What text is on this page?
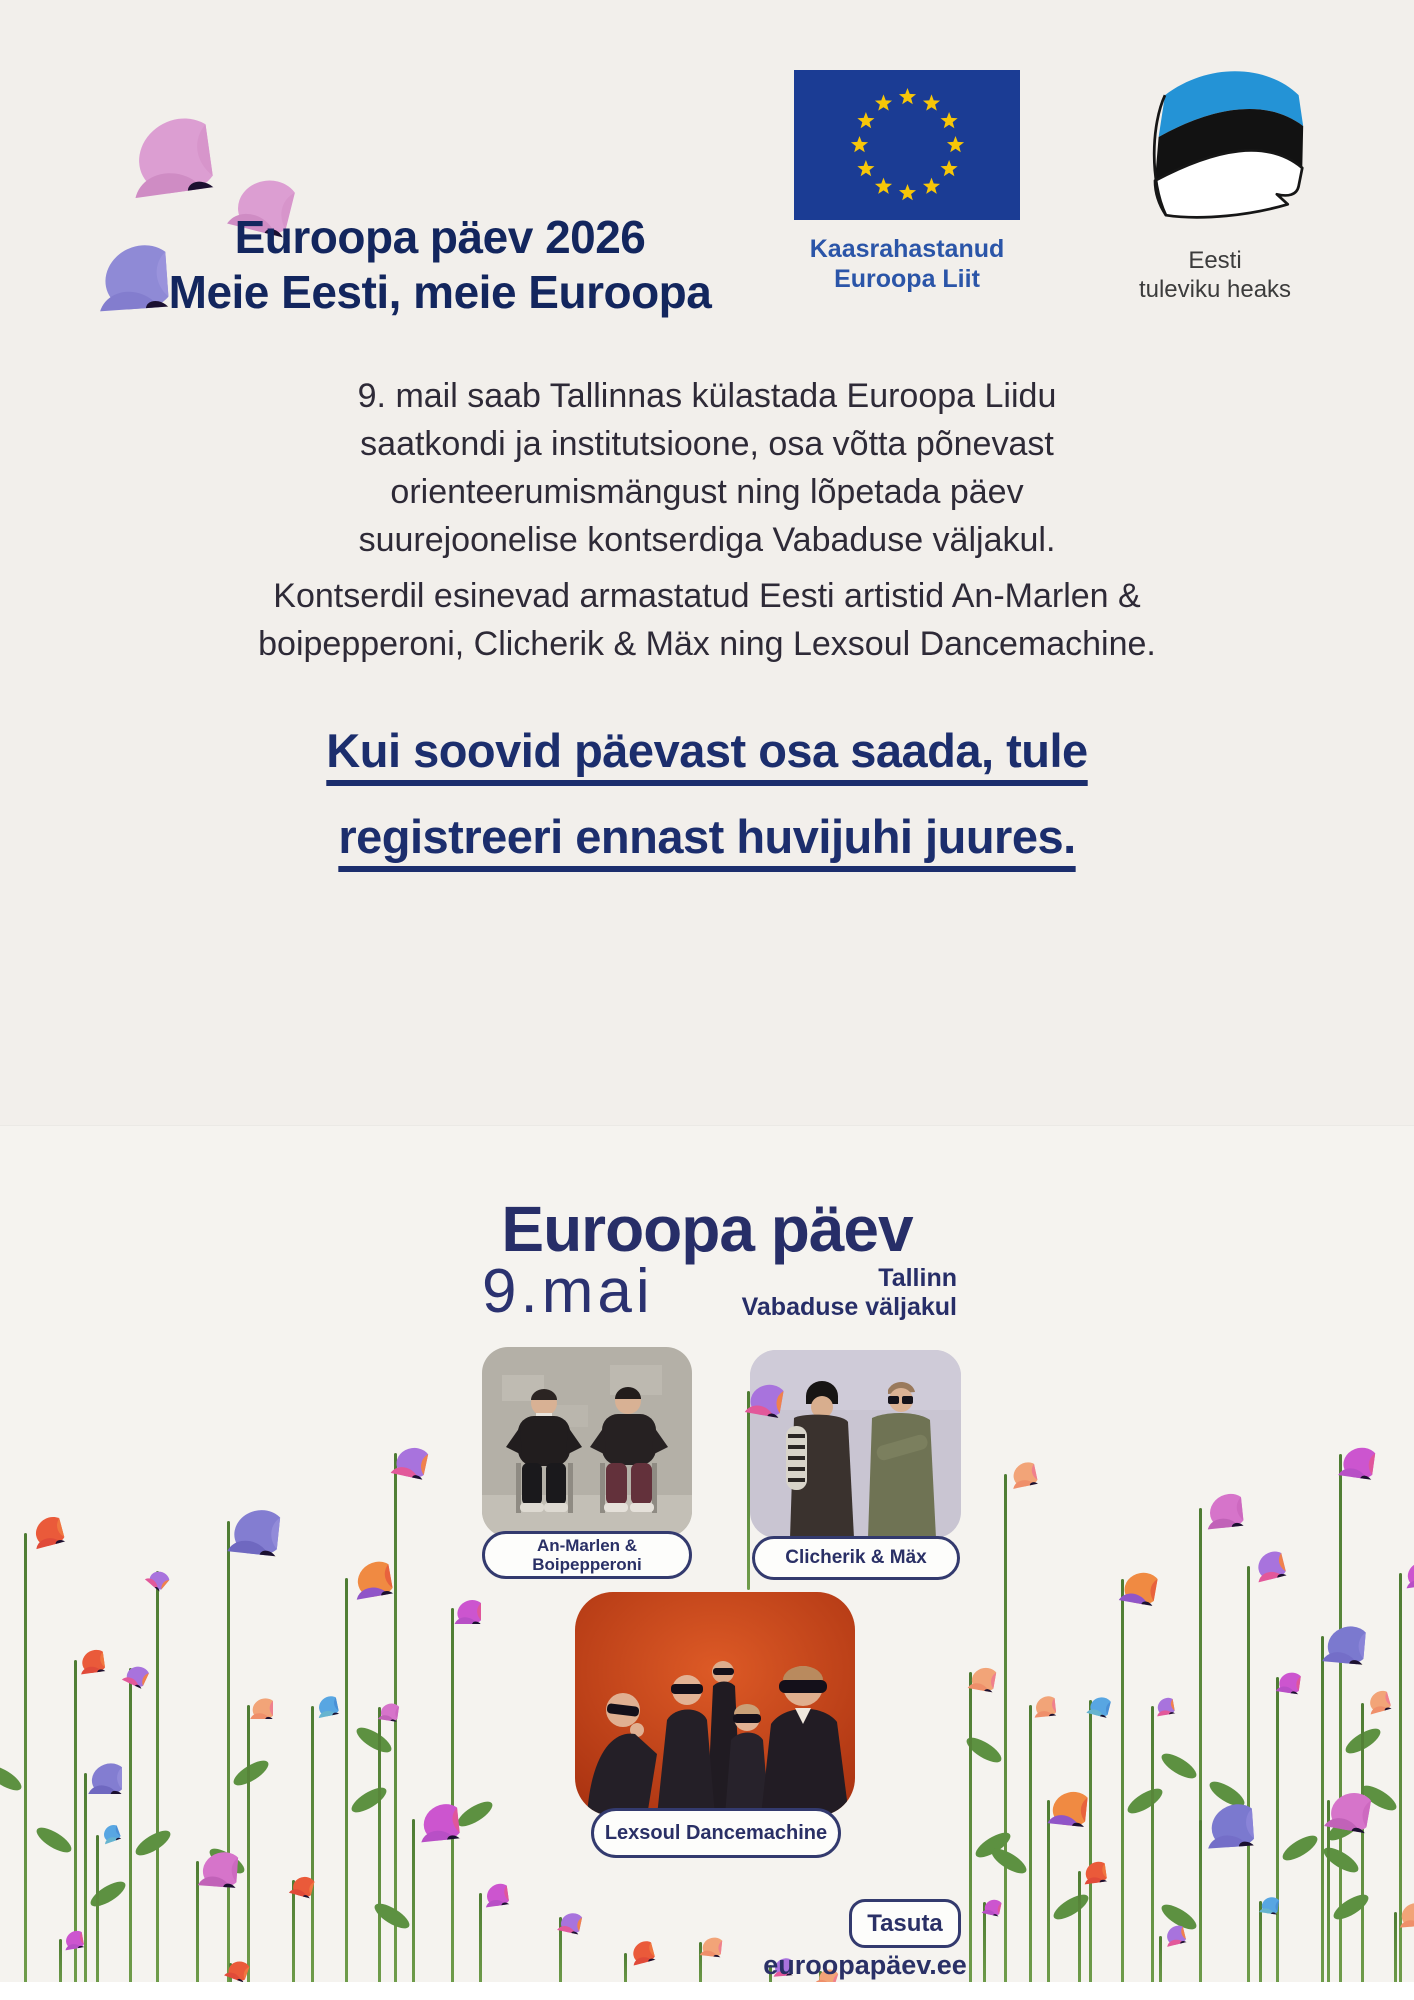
Euroopa päev 2026
Meie Eesti, meie Euroopa
Kaasrahastanud
Euroopa Liit
Eesti
tuleviku heaks
9. mail saab Tallinnas külastada Euroopa Liidu
saatkondi ja institutsioone, osa võtta põnevast
orienteerumismängust ning lõpetada päev
suurejoonelise kontserdiga Vabaduse väljakul.
Kontserdil esinevad armastatud Eesti artistid An-Marlen &
boipepperoni, Clicherik & Mäx ning Lexsoul Dancemachine.
Kui soovid päevast osa saada, tule
registreeri ennast huvijuhi juures.
Euroopa päev
9.mai	Tallinn
Vabaduse väljakul
An-Marlen &
Boipepperoni	Clicherik & Mäx
Lexsoul Dancemachine
Tasuta
euroopapäev.ee
